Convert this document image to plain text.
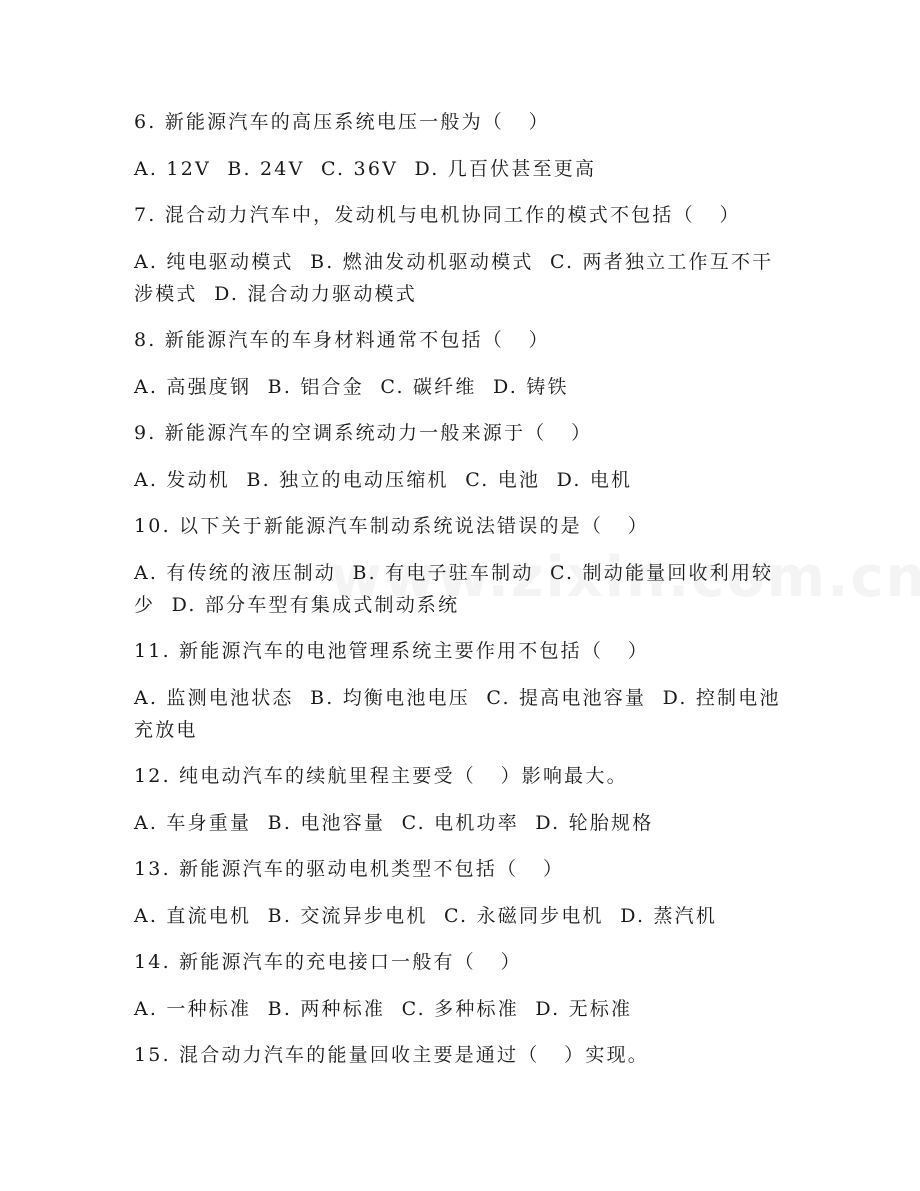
6. 新能源汽车的高压系统电压一般为（   ）

A. 12V  B. 24V  C. 36V  D. 几百伏甚至更高

7. 混合动力汽车中，发动机与电机协同工作的模式不包括（   ）

A. 纯电驱动模式  B. 燃油发动机驱动模式  C. 两者独立工作互不干涉模式  D. 混合动力驱动模式

8. 新能源汽车的车身材料通常不包括（   ）

A. 高强度钢  B. 铝合金  C. 碳纤维  D. 铸铁

9. 新能源汽车的空调系统动力一般来源于（   ）

A. 发动机  B. 独立的电动压缩机  C. 电池  D. 电机

10. 以下关于新能源汽车制动系统说法错误的是（   ）

A. 有传统的液压制动  B. 有电子驻车制动  C. 制动能量回收利用较少  D. 部分车型有集成式制动系统

11. 新能源汽车的电池管理系统主要作用不包括（   ）

A. 监测电池状态  B. 均衡电池电压  C. 提高电池容量  D. 控制电池充放电

12. 纯电动汽车的续航里程主要受（   ）影响最大。

A. 车身重量  B. 电池容量  C. 电机功率  D. 轮胎规格

13. 新能源汽车的驱动电机类型不包括（   ）

A. 直流电机  B. 交流异步电机  C. 永磁同步电机  D. 蒸汽机

14. 新能源汽车的充电接口一般有（   ）

A. 一种标准  B. 两种标准  C. 多种标准  D. 无标准

15. 混合动力汽车的能量回收主要是通过（   ）实现。
